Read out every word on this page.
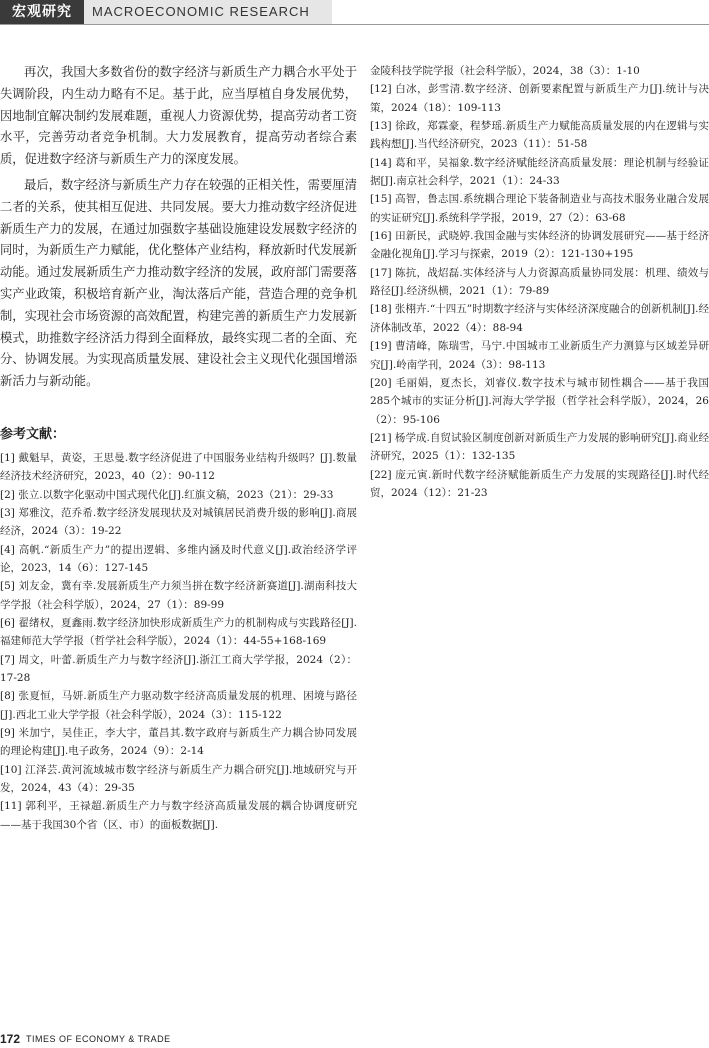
宏观研究	MACROECONOMIC RESEARCH

再次，我国大多数省份的数字经济与新质生产力耦合水平处于失调阶段，内生动力略有不足。基于此，应当厚植自身发展优势，因地制宜解决制约发展难题，重视人力资源优势，提高劳动者工资水平，完善劳动者竞争机制。大力发展教育，提高劳动者综合素质，促进数字经济与新质生产力的深度发展。

最后，数字经济与新质生产力存在较强的正相关性，需要厘清二者的关系，使其相互促进、共同发展。要大力推动数字经济促进新质生产力的发展，在通过加强数字基础设施建设发展数字经济的同时，为新质生产力赋能，优化整体产业结构，释放新时代发展新动能。通过发展新质生产力推动数字经济的发展，政府部门需要落实产业政策，积极培育新产业，淘汰落后产能，营造合理的竞争机制，实现社会市场资源的高效配置，构建完善的新质生产力发展新模式，助推数字经济活力得到全面释放，最终实现二者的全面、充分、协调发展。为实现高质量发展、建设社会主义现代化强国增添新活力与新动能。

参考文献：
[1] 戴魁早，黄姿，王思曼.数字经济促进了中国服务业结构升级吗？[J].数量经济技术经济研究，2023，40（2）：90-112
[2] 张立.以数字化驱动中国式现代化[J].红旗文稿，2023（21）：29-33
[3] 郑雅汶，范乔希.数字经济发展现状及对城镇居民消费升级的影响[J].商展经济，2024（3）：19-22
[4] 高帆.“新质生产力”的提出逻辑、多维内涵及时代意义[J].政治经济学评论，2023，14（6）：127-145
[5] 刘友金，冀有幸.发展新质生产力须当拼在数字经济新赛道[J].湖南科技大学学报（社会科学版），2024，27（1）：89-99
[6] 翟绪权，夏鑫雨.数字经济加快形成新质生产力的机制构成与实践路径[J].福建师范大学学报（哲学社会科学版），2024（1）：44-55+168-169
[7] 周文，叶蕾.新质生产力与数字经济[J].浙江工商大学学报，2024（2）：17-28
[8] 张夏恒，马妍.新质生产力驱动数字经济高质量发展的机理、困境与路径[J].西北工业大学学报（社会科学版），2024（3）：115-122
[9] 米加宁，吴佳正，李大宇，董昌其.数字政府与新质生产力耦合协同发展的理论构建[J].电子政务，2024（9）：2-14
[10] 江泽芸.黄河流域城市数字经济与新质生产力耦合研究[J].地域研究与开发，2024，43（4）：29-35
[11] 郭利平，王禄超.新质生产力与数字经济高质量发展的耦合协调度研究——基于我国30个省（区、市）的面板数据[J].
金陵科技学院学报（社会科学版），2024，38（3）：1-10
[12] 白冰，彭雪清.数字经济、创新要素配置与新质生产力[J].统计与决策，2024（18）：109-113
[13] 徐政，郑霖豪，程梦瑶.新质生产力赋能高质量发展的内在逻辑与实践构想[J].当代经济研究，2023（11）：51-58
[14] 葛和平，吴福象.数字经济赋能经济高质量发展：理论机制与经验证据[J].南京社会科学，2021（1）：24-33
[15] 高智，鲁志国.系统耦合理论下装备制造业与高技术服务业融合发展的实证研究[J].系统科学学报，2019，27（2）：63-68
[16] 田新民，武晓婷.我国金融与实体经济的协调发展研究——基于经济金融化视角[J].学习与探索，2019（2）：121-130+195
[17] 陈抗，战炤磊.实体经济与人力资源高质量协同发展：机理、绩效与路径[J].经济纵横，2021（1）：79-89
[18] 张栩卉.“十四五”时期数字经济与实体经济深度融合的创新机制[J].经济体制改革，2022（4）：88-94
[19] 曹清峰，陈瑞雪，马宁.中国城市工业新质生产力测算与区域差异研究[J].岭南学刊，2024（3）：98-113
[20] 毛丽娟，夏杰长，刘睿仪.数字技术与城市韧性耦合——基于我国285个城市的实证分析[J].河海大学学报（哲学社会科学版），2024，26（2）：95-106
[21] 杨学成.自贸试验区制度创新对新质生产力发展的影响研究[J].商业经济研究，2025（1）：132-135
[22] 庞元寅.新时代数字经济赋能新质生产力发展的实现路径[J].时代经贸，2024（12）：21-23
172 TIMES OF ECONOMY & TRADE
